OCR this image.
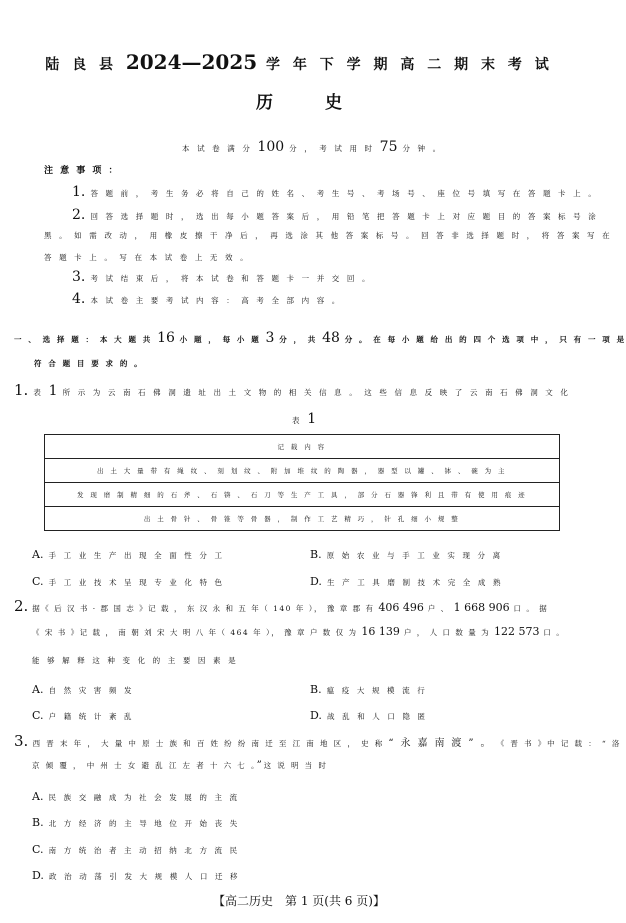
陆 良 县 2024—2025 学 年 下 学 期 高 二 期 末 考 试
历史
本 试 卷 满 分 100 分 ， 考 试 用 时 75 分 钟 。
注 意 事 项 ：
1. 答 题 前 ， 考 生 务 必 将 自 己 的 姓 名 、 考 生 号 、 考 场 号 、 座 位 号 填 写 在 答 题 卡 上 。
2. 回 答 选 择 题 时 ， 选 出 每 小 题 答 案 后 ， 用 铅 笔 把 答 题 卡 上 对 应 题 目 的 答 案 标 号 涂
黑 。 如 需 改 动 ， 用 橡 皮 擦 干 净 后 ， 再 选 涂 其 他 答 案 标 号 。 回 答 非 选 择 题 时 ， 将 答 案 写 在
答 题 卡 上 。 写 在 本 试 卷 上 无 效 。
3. 考 试 结 束 后 ， 将 本 试 卷 和 答 题 卡 一 并 交 回 。
4. 本 试 卷 主 要 考 试 内 容 ： 高 考 全 部 内 容 。
一 、 选 择 题 ： 本 大 题 共 16 小 题 ， 每 小 题 3 分 ， 共 48 分 。 在 每 小 题 给 出 的 四 个 选 项 中 ， 只 有 一 项 是
符 合 题 目 要 求 的 。
1. 表 1 所 示 为 云 南 石 佛 洞 遗 址 出 土 文 物 的 相 关 信 息 。 这 些 信 息 反 映 了 云 南 石 佛 洞 文 化
表 1
记 载 内 容
出 土 大 量 带 有 绳 纹 、 刻 划 纹 、 附 加 堆 纹 的 陶 器 ， 器 型 以 罐 、 钵 、 碗 为 主
发 现 磨 制 精 细 的 石 斧 、 石 锛 、 石 刀 等 生 产 工 具 ， 部 分 石 器 锋 利 且 带 有 使 用 痕 迹
出 土 骨 针 、 骨 锥 等 骨 器 ， 制 作 工 艺 精 巧 ， 针 孔 细 小 规 整
A. 手 工 业 生 产 出 现 全 面 性 分 工	B. 原 始 农 业 与 手 工 业 实 现 分 离
C. 手 工 业 技 术 呈 现 专 业 化 特 色	D. 生 产 工 具 磨 制 技 术 完 全 成 熟
2. 据《 后 汉 书 · 郡 国 志 》记 载 ， 东 汉 永 和 五 年（ 140 年 ）， 豫 章 郡 有 406 496 户 、 1 668 906 口 。 据
《 宋 书 》记 载 ， 南 朝 刘 宋 大 明 八 年（ 464 年 ）， 豫 章 户 数 仅 为 16 139 户 ， 人 口 数 量 为 122 573 口 。
能 够 解 释 这 种 变 化 的 主 要 因 素 是
A. 自 然 灾 害 频 发	B. 瘟 疫 大 规 模 流 行
C. 户 籍 统 计 紊 乱	D. 战 乱 和 人 口 隐 匿
3. 西 晋 末 年 ， 大 量 中 原 士 族 和 百 姓 纷 纷 南 迁 至 江 南 地 区 ， 史 称 “ 永 嘉 南 渡 ” 。 《 晋 书 》中 记 载 ： “ 洛
京 倾 覆 ， 中 州 士 女 避 乱 江 左 者 十 六 七 。”这 说 明 当 时
A. 民 族 交 融 成 为 社 会 发 展 的 主 流
B. 北 方 经 济 的 主 导 地 位 开 始 丧 失
C. 南 方 统 治 者 主 动 招 纳 北 方 流 民
D. 政 治 动 荡 引 发 大 规 模 人 口 迁 移
【高二历史　第 1 页(共 6 页)】
